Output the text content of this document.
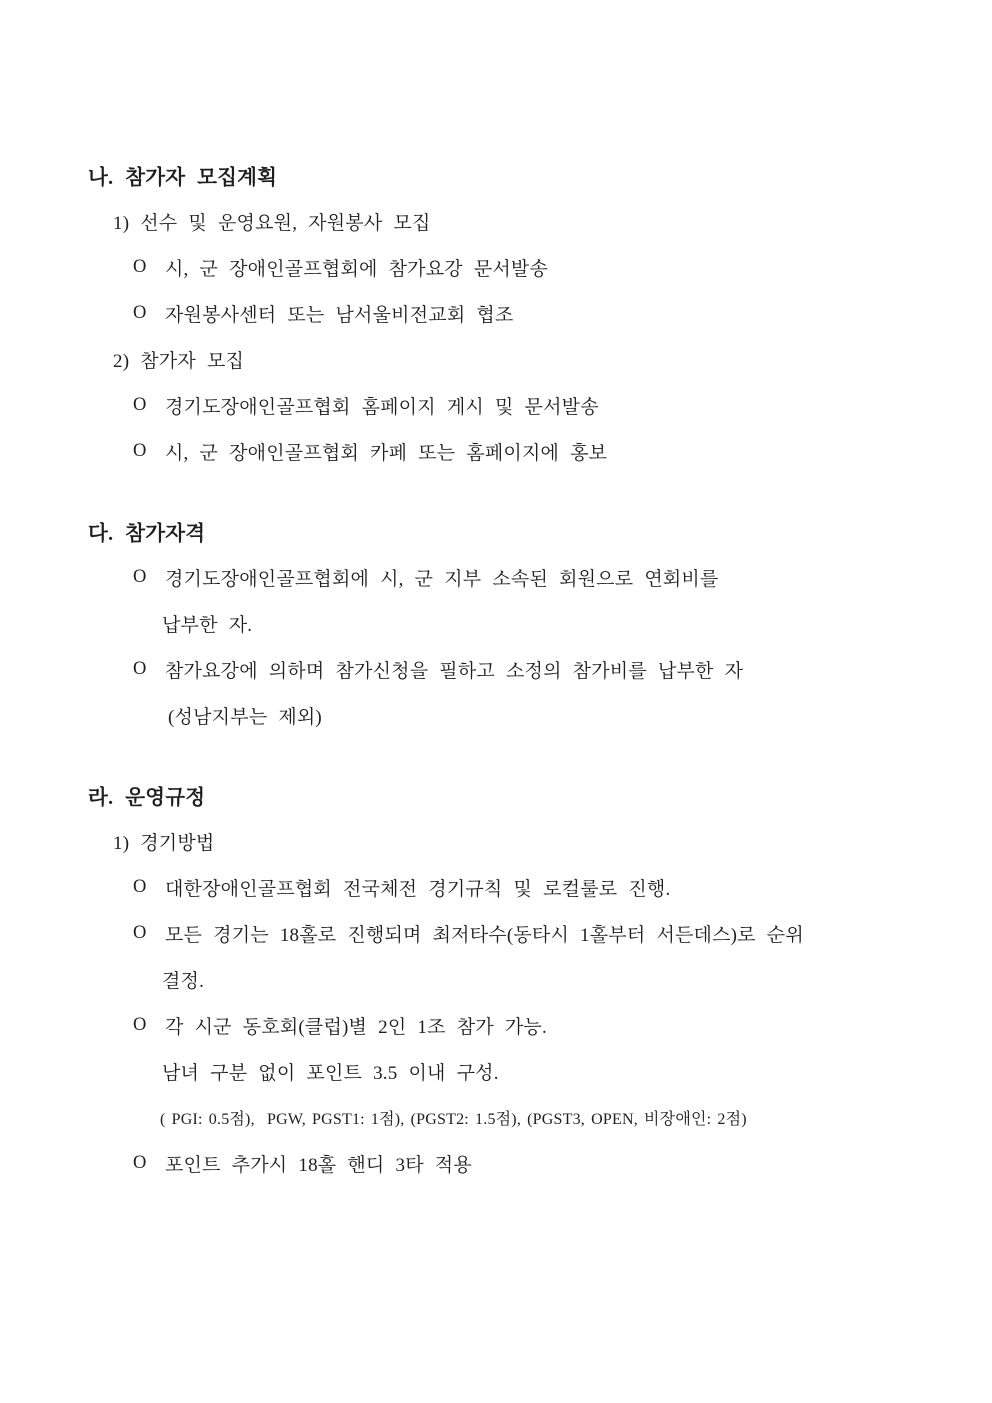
나. 참가자 모집계획
1) 선수 및 운영요원, 자원봉사 모집
O 시, 군 장애인골프협회에 참가요강 문서발송
O 자원봉사센터 또는 남서울비전교회 협조
2) 참가자 모집
O 경기도장애인골프협회 홈페이지 게시 및 문서발송
O 시, 군 장애인골프협회 카페 또는 홈페이지에 홍보
다. 참가자격
O 경기도장애인골프협회에 시, 군 지부 소속된 회원으로 연회비를
납부한 자.
O 참가요강에 의하며 참가신청을 필하고 소정의 참가비를 납부한 자
(성남지부는 제외)
라. 운영규정
1) 경기방법
O 대한장애인골프협회 전국체전 경기규칙 및 로컬룰로 진행.
O 모든 경기는 18홀로 진행되며 최저타수(동타시 1홀부터 서든데스)로 순위
결정.
O 각 시군 동호회(클럽)별 2인 1조 참가 가능.
남녀 구분 없이 포인트 3.5 이내 구성.
( PGI: 0.5점),  PGW, PGST1: 1점), (PGST2: 1.5점), (PGST3, OPEN, 비장애인: 2점)
O 포인트 추가시 18홀 핸디 3타 적용
